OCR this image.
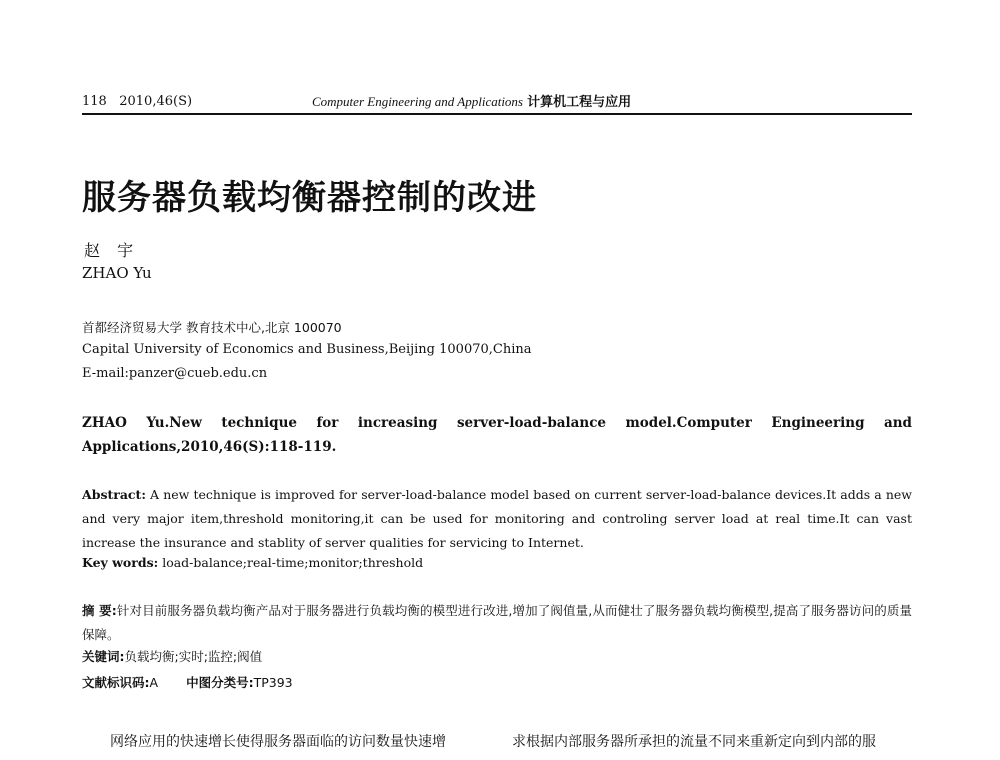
118 2010,46(S)	Computer Engineering and Applications 计算机工程与应用
服务器负载均衡器控制的改进
赵 宇
ZHAO Yu
首都经济贸易大学 教育技术中心,北京 100070
Capital University of Economics and Business,Beijing 100070,China
E-mail:panzer@cueb.edu.cn
ZHAO Yu.New technique for increasing server-load-balance model.Computer Engineering and Applications,2010,46(S):118-119.
Abstract: A new technique is improved for server-load-balance model based on current server-load-balance devices.It adds a new and very major item,threshold monitoring,it can be used for monitoring and controling server load at real time.It can vast increase the insurance and stablity of server qualities for servicing to Internet.
Key words: load-balance;real-time;monitor;threshold
摘 要:针对目前服务器负载均衡产品对于服务器进行负载均衡的模型进行改进,增加了阀值量,从而健壮了服务器负载均衡模型,提高了服务器访问的质量保障。
关键词:负载均衡;实时;监控;阀值
文献标识码:A 中图分类号:TP393
网络应用的快速增长使得服务器面临的访问数量快速增	求根据内部服务器所承担的流量不同来重新定向到内部的服
